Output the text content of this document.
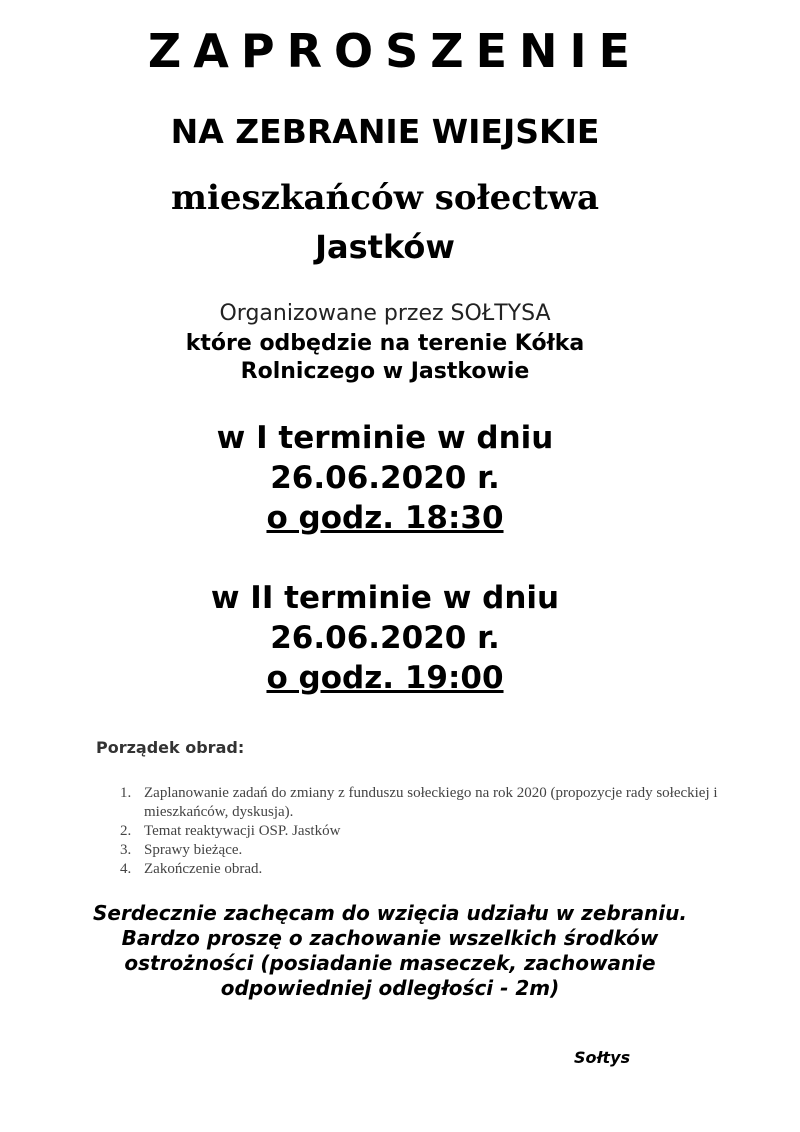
ZAPROSZENIE
NA ZEBRANIE WIEJSKIE
mieszkańców sołectwa
Jastków
Organizowane przez SOŁTYSA
które odbędzie na terenie Kółka
Rolniczego w Jastkowie
w I terminie w dniu
26.06.2020 r.
o godz. 18:30
w II terminie w dniu
26.06.2020 r.
o godz. 19:00
Porządek obrad:
1. Zaplanowanie zadań do zmiany z funduszu sołeckiego na rok 2020 (propozycje rady sołeckiej i mieszkańców, dyskusja).
2. Temat reaktywacji OSP. Jastków
3. Sprawy bieżące.
4. Zakończenie obrad.

Serdecznie zachęcam do wzięcia udziału w zebraniu.

Bardzo proszę o zachowanie wszelkich środków ostrożności (posiadanie maseczek, zachowanie odpowiedniej odległości - 2m)

Sołtys
